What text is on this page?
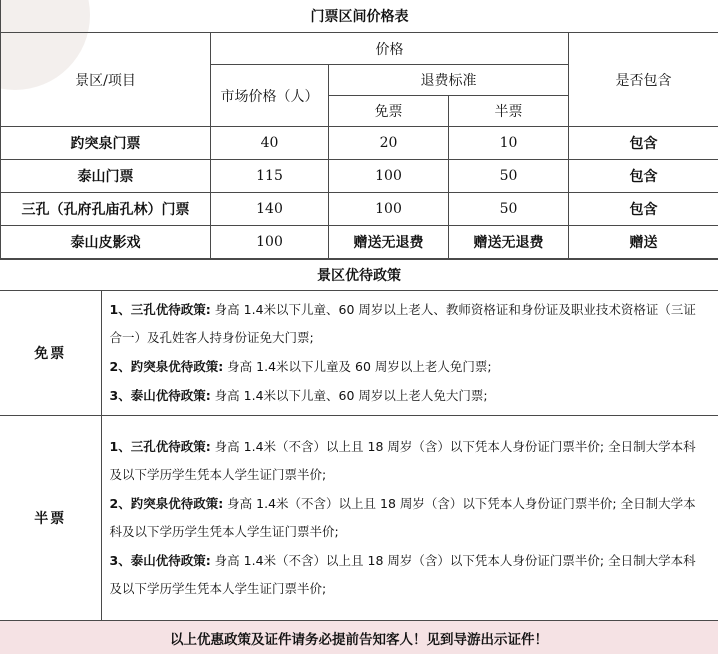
门票区间价格表				
景区/项目	价格			是否包含
	市场价格（人）	退费标准		
		免票	半票	
趵突泉门票	40	20	10	包含
泰山门票	115	100	50	包含
三孔（孔府孔庙孔林）门票	140	100	50	包含
泰山皮影戏	100	赠送无退费	赠送无退费	赠送
景区优待政策	
免票	1、三孔优待政策: 身高 1.4米以下儿童、60 周岁以上老人、教师资格证和身份证及职业技术资格证（三证合一）及孔姓客人持身份证免大门票;
2、趵突泉优待政策: 身高 1.4米以下儿童及 60 周岁以上老人免门票;
3、泰山优待政策: 身高 1.4米以下儿童、60 周岁以上老人免大门票;

半票	1、三孔优待政策: 身高 1.4米（不含）以上且 18 周岁（含）以下凭本人身份证门票半价; 全日制大学本科及以下学历学生凭本人学生证门票半价;
2、趵突泉优待政策: 身高 1.4米（不含）以上且 18 周岁（含）以下凭本人身份证门票半价; 全日制大学本科及以下学历学生凭本人学生证门票半价;
3、泰山优待政策: 身高 1.4米（不含）以上且 18 周岁（含）以下凭本人身份证门票半价; 全日制大学本科及以下学历学生凭本人学生证门票半价;

以上优惠政策及证件请务必提前告知客人！见到导游出示证件！	
